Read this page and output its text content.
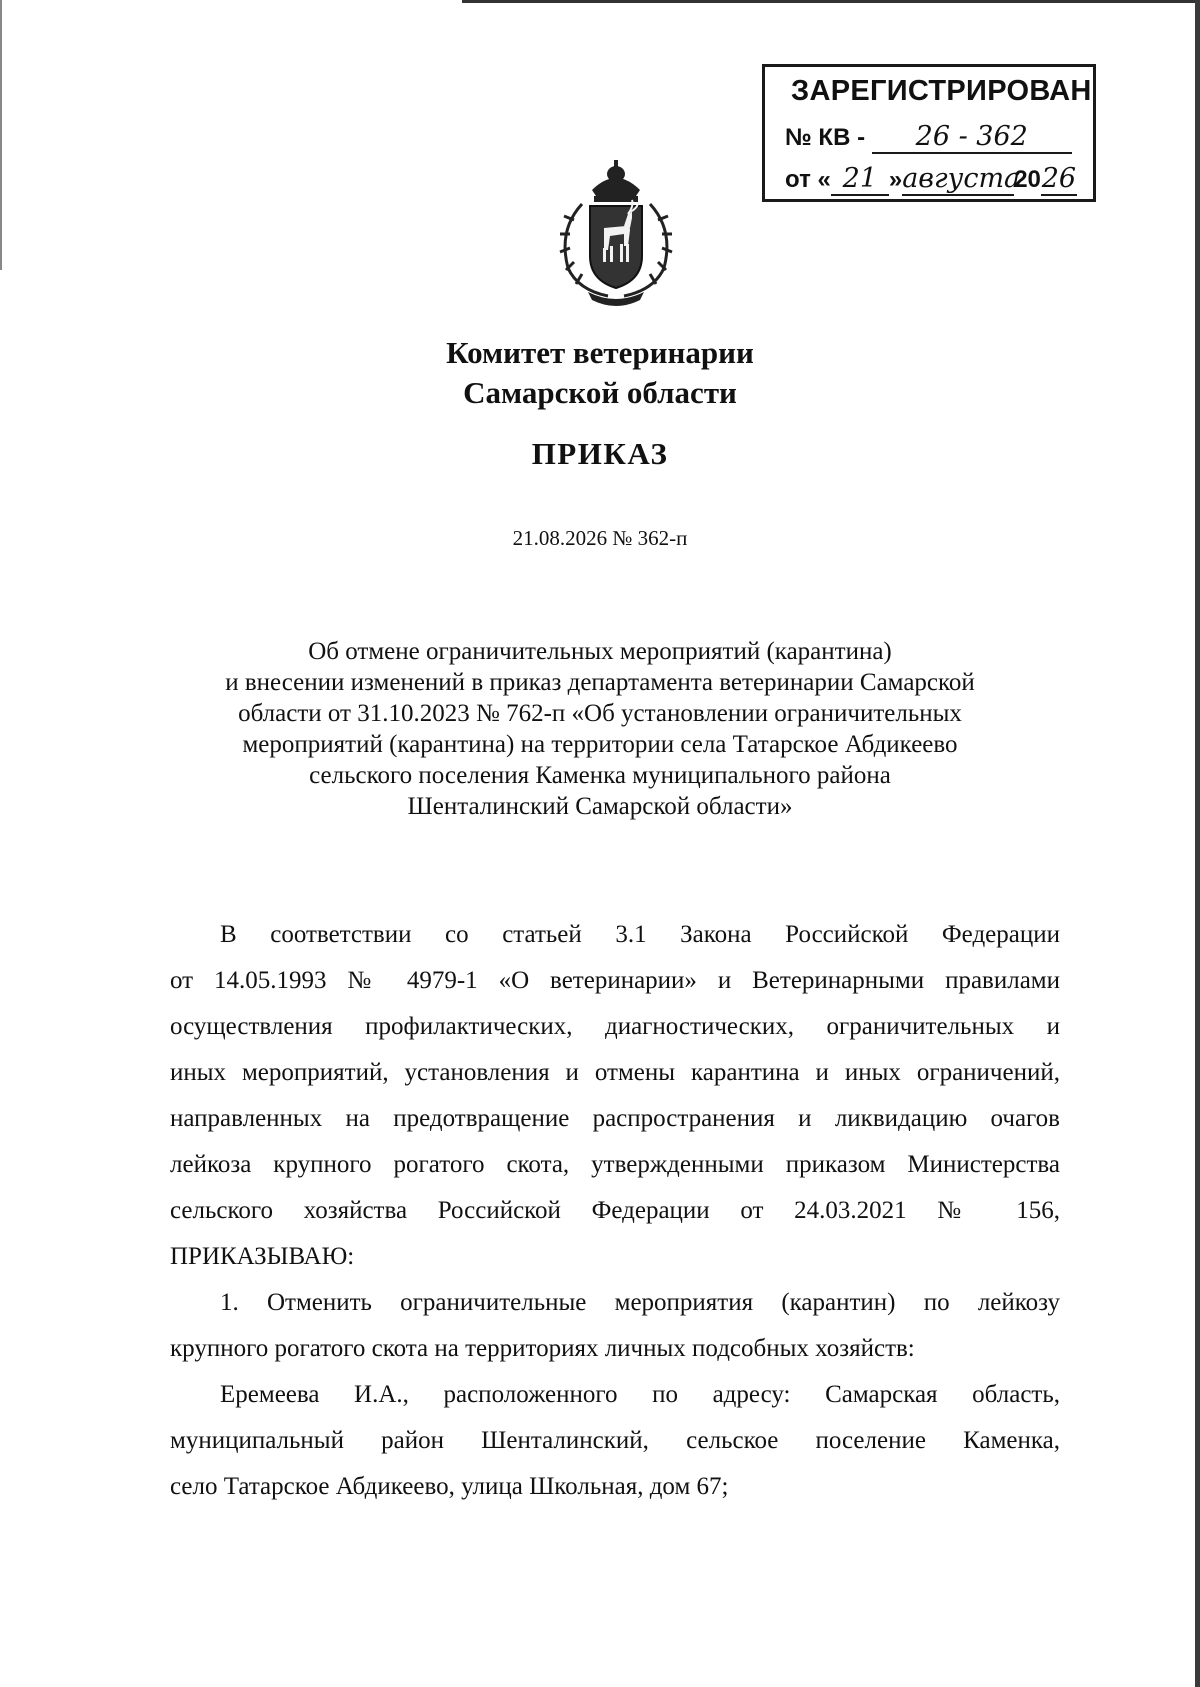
ЗАРЕГИСТРИРОВАН
№ КВ - 26 - 362
от « 21 »августа2026
Комитет ветеринарии
Самарской области
ПРИКАЗ
21.08.2026 № 362-п
Об отмене ограничительных мероприятий (карантина)
и внесении изменений в приказ департамента ветеринарии Самарской
области от 31.10.2023 № 762-п «Об установлении ограничительных
мероприятий (карантина) на территории села Татарское Абдикеево
сельского поселения Каменка муниципального района
Шенталинский Самарской области»

В соответствии со статьей 3.1 Закона Российской Федерации

от 14.05.1993 № 4979-1 «О ветеринарии» и Ветеринарными правилами

осуществления профилактических, диагностических, ограничительных и

иных мероприятий, установления и отмены карантина и иных ограничений,

направленных на предотвращение распространения и ликвидацию очагов

лейкоза крупного рогатого скота, утвержденными приказом Министерства

сельского хозяйства Российской Федерации от 24.03.2021 № 156,

ПРИКАЗЫВАЮ:

1. Отменить ограничительные мероприятия (карантин) по лейкозу

крупного рогатого скота на территориях личных подсобных хозяйств:

Еремеева И.А., расположенного по адресу: Самарская область,

муниципальный район Шенталинский, сельское поселение Каменка,

село Татарское Абдикеево, улица Школьная, дом 67;
